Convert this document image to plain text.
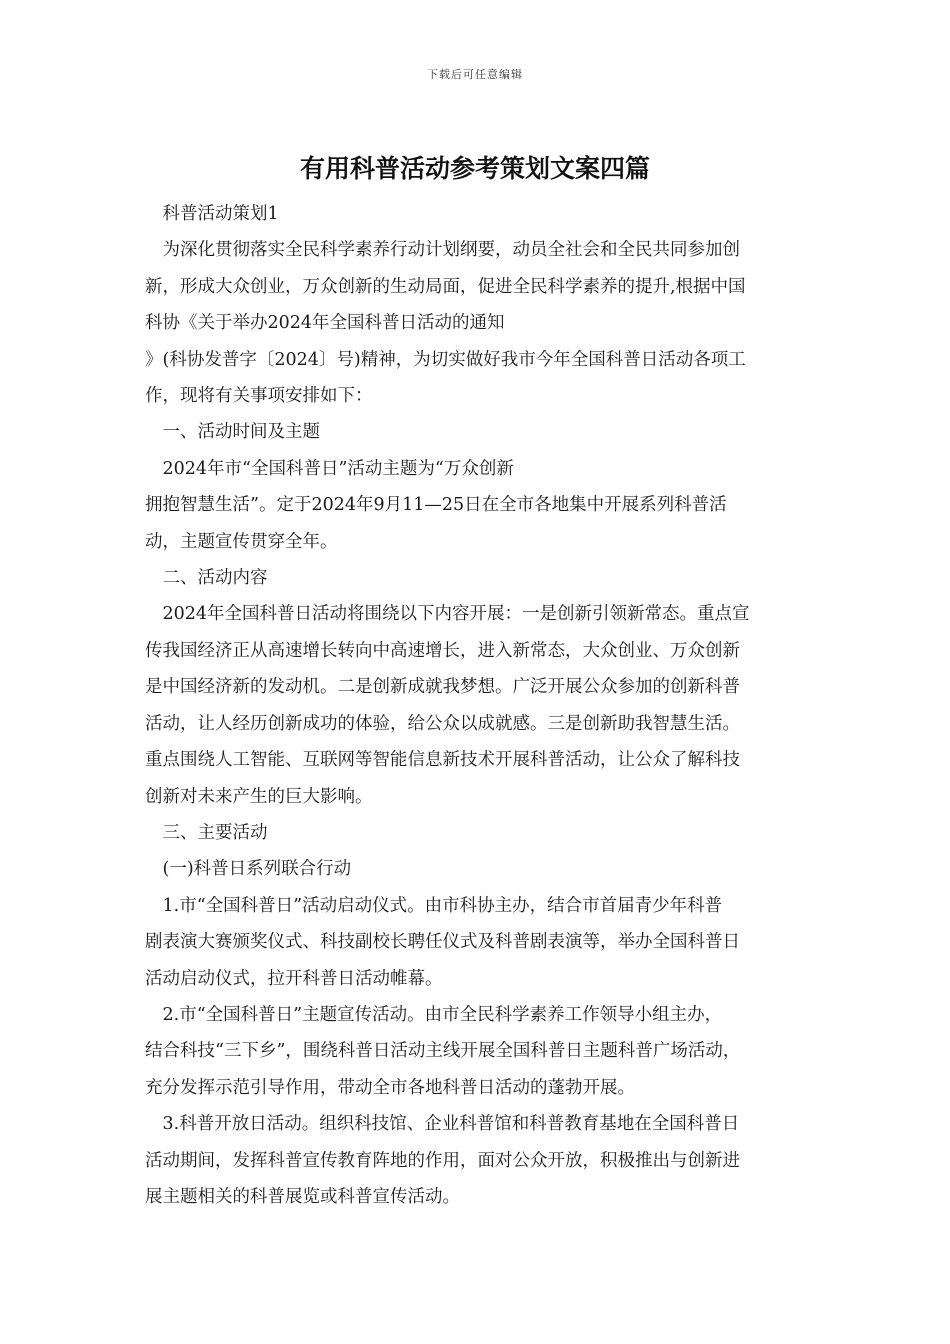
下载后可任意编辑
有用科普活动参考策划文案四篇

　科普活动策划1

　为深化贯彻落实全民科学素养行动计划纲要，动员全社会和全民共同参加创
新，形成大众创业，万众创新的生动局面，促进全民科学素养的提升,根据中国
科协《关于举办2024年全国科普日活动的通知
》(科协发普字〔2024〕号)精神，为切实做好我市今年全国科普日活动各项工
作，现将有关事项安排如下：

　一、活动时间及主题

　2024年市“全国科普日”活动主题为“万众创新
拥抱智慧生活”。定于2024年9月11—25日在全市各地集中开展系列科普活
动，主题宣传贯穿全年。

　二、活动内容

　2024年全国科普日活动将围绕以下内容开展：一是创新引领新常态。重点宣
传我国经济正从高速增长转向中高速增长，进入新常态，大众创业、万众创新
是中国经济新的发动机。二是创新成就我梦想。广泛开展公众参加的创新科普
活动，让人经历创新成功的体验，给公众以成就感。三是创新助我智慧生活。
重点围绕人工智能、互联网等智能信息新技术开展科普活动，让公众了解科技
创新对未来产生的巨大影响。

　三、主要活动

　(一)科普日系列联合行动

　1.市“全国科普日”活动启动仪式。由市科协主办，结合市首届青少年科普
剧表演大赛颁奖仪式、科技副校长聘任仪式及科普剧表演等，举办全国科普日
活动启动仪式，拉开科普日活动帷幕。

　2.市“全国科普日”主题宣传活动。由市全民科学素养工作领导小组主办，
结合科技“三下乡”，围绕科普日活动主线开展全国科普日主题科普广场活动，
充分发挥示范引导作用，带动全市各地科普日活动的蓬勃开展。

　3.科普开放日活动。组织科技馆、企业科普馆和科普教育基地在全国科普日
活动期间，发挥科普宣传教育阵地的作用，面对公众开放，积极推出与创新进
展主题相关的科普展览或科普宣传活动。
